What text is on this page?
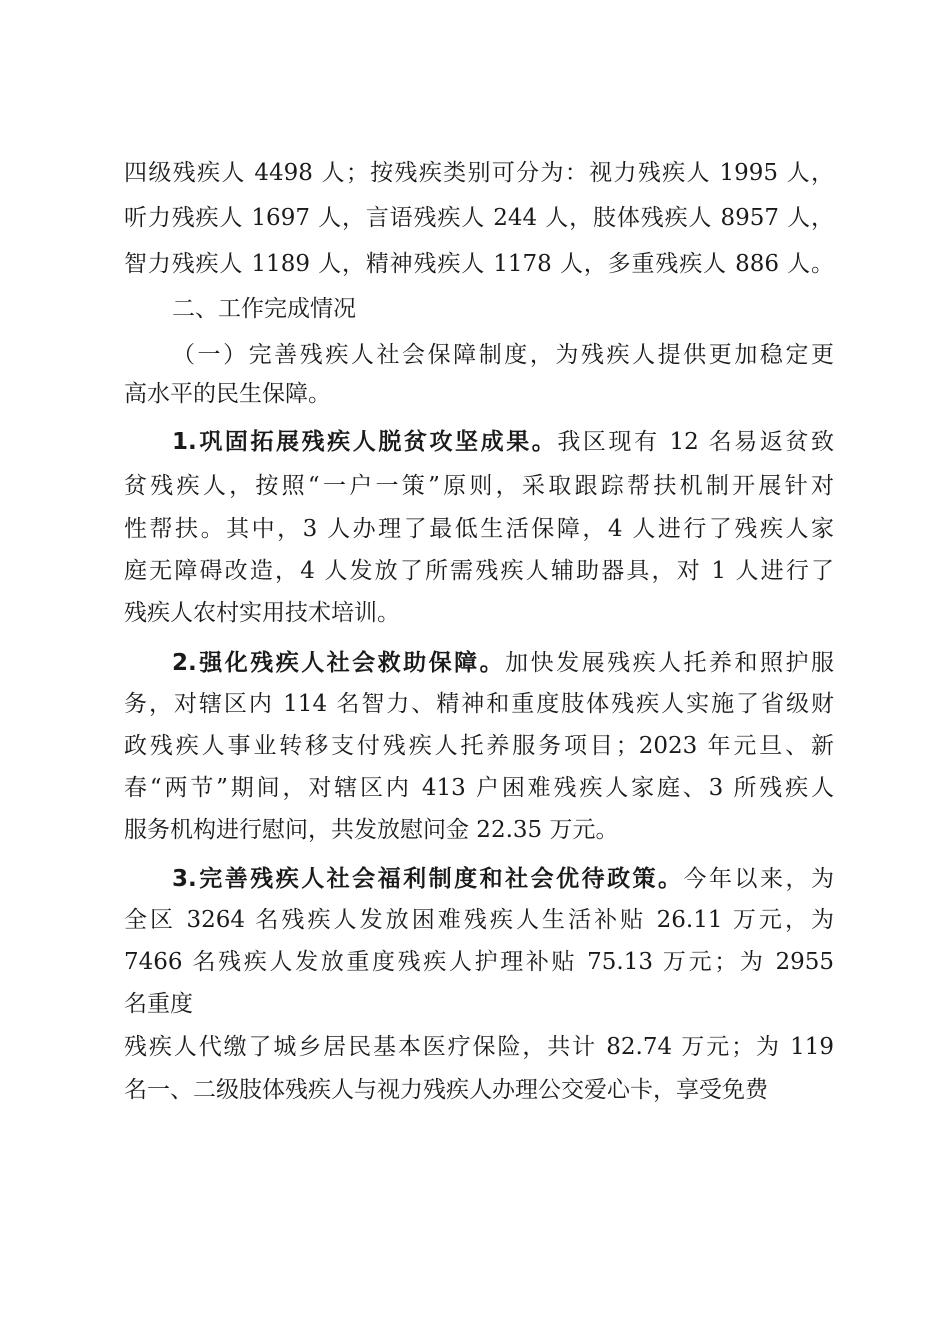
四级残疾人 4498 人；按残疾类别可分为：视力残疾人 1995 人，
听力残疾人 1697 人，言语残疾人 244 人，肢体残疾人 8957 人，
智力残疾人 1189 人，精神残疾人 1178 人，多重残疾人 886 人。
二、工作完成情况
（一）完善残疾人社会保障制度，为残疾人提供更加稳定更
高水平的民生保障。
1.巩固拓展残疾人脱贫攻坚成果。我区现有 12 名易返贫致
贫残疾人，按照“一户一策”原则，采取跟踪帮扶机制开展针对
性帮扶。其中，3 人办理了最低生活保障，4 人进行了残疾人家
庭无障碍改造，4 人发放了所需残疾人辅助器具，对 1 人进行了
残疾人农村实用技术培训。
2.强化残疾人社会救助保障。加快发展残疾人托养和照护服
务，对辖区内 114 名智力、精神和重度肢体残疾人实施了省级财
政残疾人事业转移支付残疾人托养服务项目；2023 年元旦、新
春“两节”期间，对辖区内 413 户困难残疾人家庭、3 所残疾人
服务机构进行慰问，共发放慰问金 22.35 万元。
3.完善残疾人社会福利制度和社会优待政策。今年以来，为
全区 3264 名残疾人发放困难残疾人生活补贴 26.11 万元，为
7466 名残疾人发放重度残疾人护理补贴 75.13 万元；为 2955
名重度
残疾人代缴了城乡居民基本医疗保险，共计 82.74 万元；为 119
名一、二级肢体残疾人与视力残疾人办理公交爱心卡，享受免费
